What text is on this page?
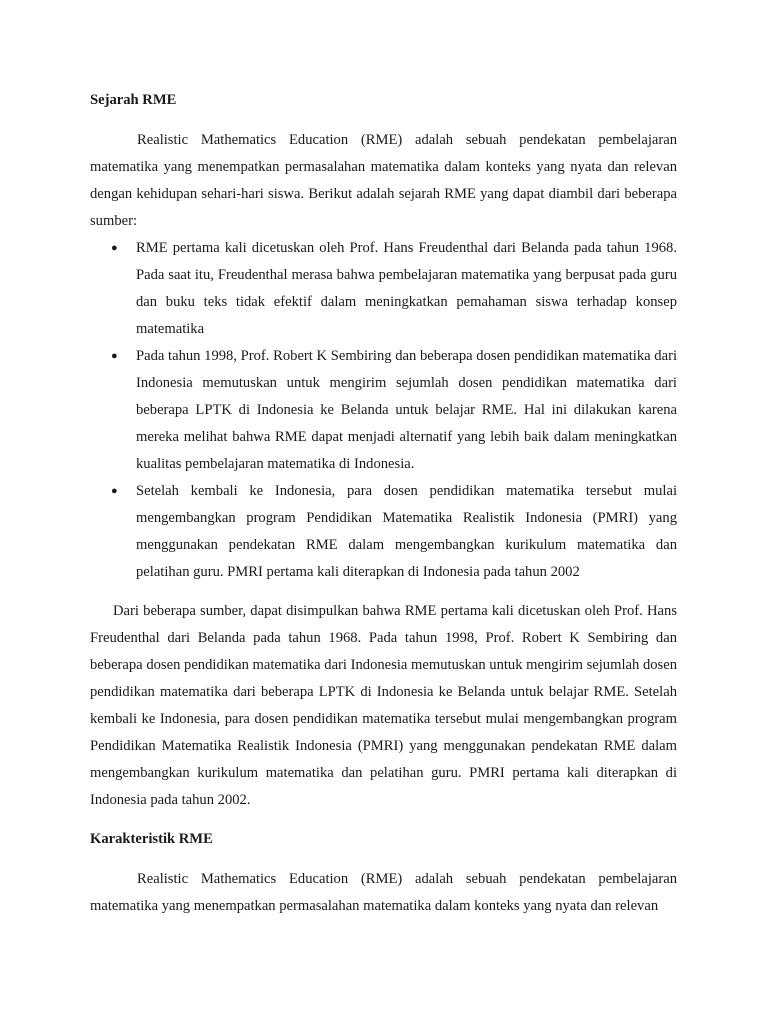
Sejarah RME

Realistic Mathematics Education (RME) adalah sebuah pendekatan pembelajaran matematika yang menempatkan permasalahan matematika dalam konteks yang nyata dan relevan dengan kehidupan sehari-hari siswa. Berikut adalah sejarah RME yang dapat diambil dari beberapa sumber:

● RME pertama kali dicetuskan oleh Prof. Hans Freudenthal dari Belanda pada tahun 1968. Pada saat itu, Freudenthal merasa bahwa pembelajaran matematika yang berpusat pada guru dan buku teks tidak efektif dalam meningkatkan pemahaman siswa terhadap konsep matematika
● Pada tahun 1998, Prof. Robert K Sembiring dan beberapa dosen pendidikan matematika dari Indonesia memutuskan untuk mengirim sejumlah dosen pendidikan matematika dari beberapa LPTK di Indonesia ke Belanda untuk belajar RME. Hal ini dilakukan karena mereka melihat bahwa RME dapat menjadi alternatif yang lebih baik dalam meningkatkan kualitas pembelajaran matematika di Indonesia.
● Setelah kembali ke Indonesia, para dosen pendidikan matematika tersebut mulai mengembangkan program Pendidikan Matematika Realistik Indonesia (PMRI) yang menggunakan pendekatan RME dalam mengembangkan kurikulum matematika dan pelatihan guru. PMRI pertama kali diterapkan di Indonesia pada tahun 2002

Dari beberapa sumber, dapat disimpulkan bahwa RME pertama kali dicetuskan oleh Prof. Hans Freudenthal dari Belanda pada tahun 1968. Pada tahun 1998, Prof. Robert K Sembiring dan beberapa dosen pendidikan matematika dari Indonesia memutuskan untuk mengirim sejumlah dosen pendidikan matematika dari beberapa LPTK di Indonesia ke Belanda untuk belajar RME. Setelah kembali ke Indonesia, para dosen pendidikan matematika tersebut mulai mengembangkan program Pendidikan Matematika Realistik Indonesia (PMRI) yang menggunakan pendekatan RME dalam mengembangkan kurikulum matematika dan pelatihan guru. PMRI pertama kali diterapkan di Indonesia pada tahun 2002.

Karakteristik RME

Realistic Mathematics Education (RME) adalah sebuah pendekatan pembelajaran matematika yang menempatkan permasalahan matematika dalam konteks yang nyata dan relevan
